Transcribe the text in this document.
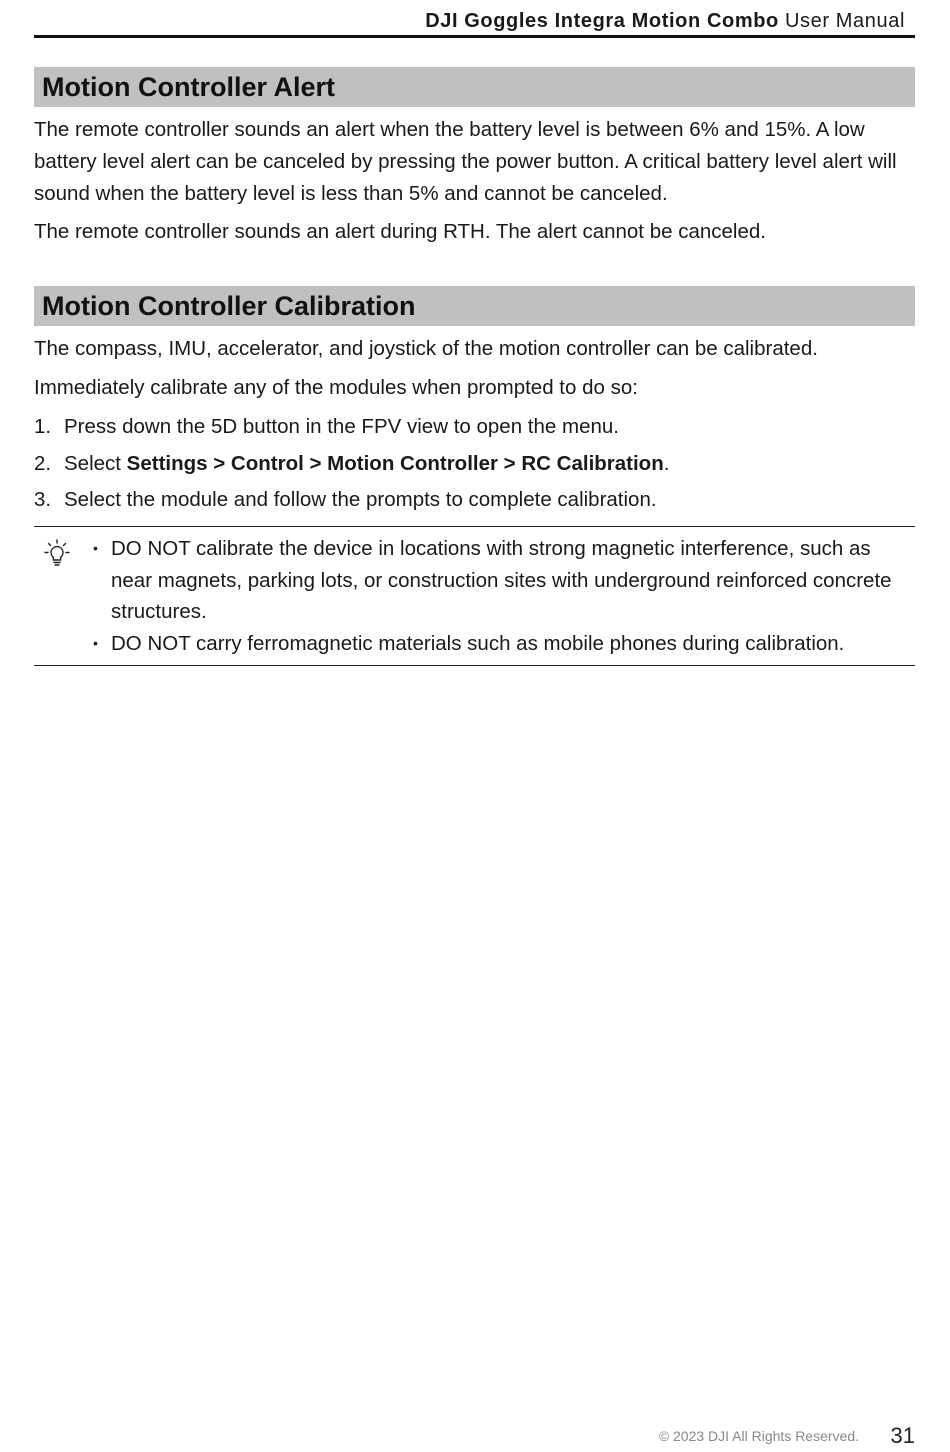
DJI Goggles Integra Motion Combo User Manual
Motion Controller Alert

The remote controller sounds an alert when the battery level is between 6% and 15%. A low battery level alert can be canceled by pressing the power button. A critical battery level alert will sound when the battery level is less than 5% and cannot be canceled.

The remote controller sounds an alert during RTH. The alert cannot be canceled.

Motion Controller Calibration

The compass, IMU, accelerator, and joystick of the motion controller can be calibrated.

Immediately calibrate any of the modules when prompted to do so:

1. Press down the 5D button in the FPV view to open the menu.
2. Select Settings > Control > Motion Controller > RC Calibration.
3. Select the module and follow the prompts to complete calibration.
• DO NOT calibrate the device in locations with strong magnetic interference, such as near magnets, parking lots, or construction sites with underground reinforced concrete structures.
• DO NOT carry ferromagnetic materials such as mobile phones during calibration.
© 2023 DJI All Rights Reserved. 31
